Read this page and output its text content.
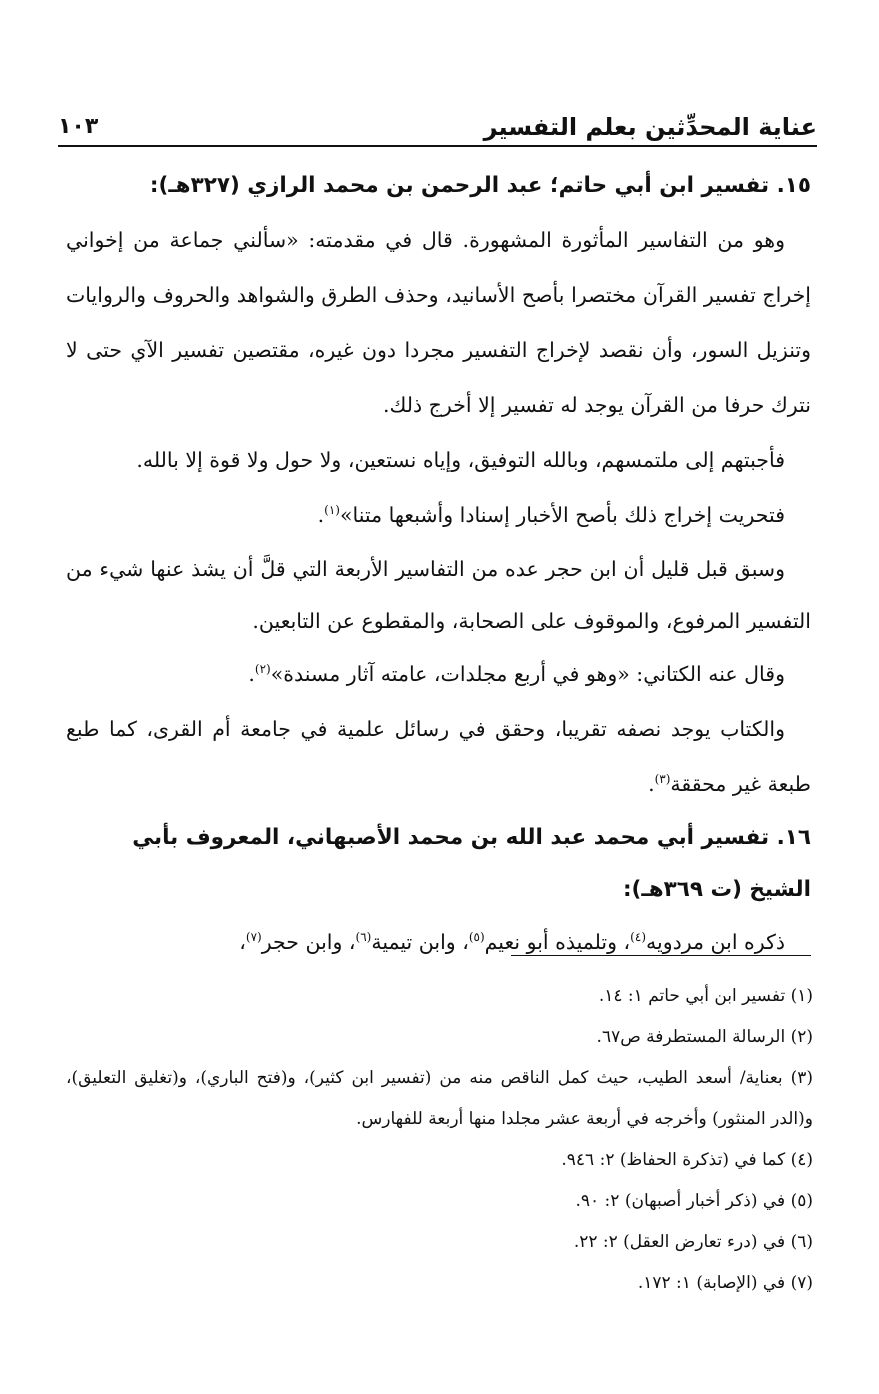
عناية المحدِّثين بعلم التفسير
١٠٣

١٥. تفسير ابن أبي حاتم؛ عبد الرحمن بن محمد الرازي (٣٢٧هـ):

وهو من التفاسير المأثورة المشهورة. قال في مقدمته: «سألني جماعة من إخواني إخراج تفسير القرآن مختصرا بأصح الأسانيد، وحذف الطرق والشواهد والحروف والروايات وتنزيل السور، وأن نقصد لإخراج التفسير مجردا دون غيره، مقتصين تفسير الآي حتى لا نترك حرفا من القرآن يوجد له تفسير إلا أخرج ذلك.

فأجبتهم إلى ملتمسهم، وبالله التوفيق، وإياه نستعين، ولا حول ولا قوة إلا بالله.

فتحريت إخراج ذلك بأصح الأخبار إسنادا وأشبعها متنا»$^{(١)}$.

وسبق قبل قليل أن ابن حجر عده من التفاسير الأربعة التي قلَّ أن يشذ عنها شيء من التفسير المرفوع، والموقوف على الصحابة، والمقطوع عن التابعين.

وقال عنه الكتاني: «وهو في أربع مجلدات، عامته آثار مسندة»$^{(٢)}$.

والكتاب يوجد نصفه تقريبا، وحقق في رسائل علمية في جامعة أم القرى، كما طبع طبعة غير محققة$^{(٣)}$.

١٦. تفسير أبي محمد عبد الله بن محمد الأصبهاني، المعروف بأبي الشيخ (ت ٣٦٩هـ):

ذكره ابن مردويه$^{(٤)}$، وتلميذه أبو نعيم$^{(٥)}$، وابن تيمية$^{(٦)}$، وابن حجر$^{(٧)}$،

(١) تفسير ابن أبي حاتم ١: ١٤.

(٢) الرسالة المستطرفة ص٦٧.

(٣) بعناية/ أسعد الطيب، حيث كمل الناقص منه من (تفسير ابن كثير)، و(فتح الباري)، و(تغليق التعليق)، و(الدر المنثور) وأخرجه في أربعة عشر مجلدا منها أربعة للفهارس.

(٤) كما في (تذكرة الحفاظ) ٢: ٩٤٦.

(٥) في (ذكر أخبار أصبهان) ٢: ٩٠.

(٦) في (درء تعارض العقل) ٢: ٢٢.

(٧) في (الإصابة) ١: ١٧٢.
